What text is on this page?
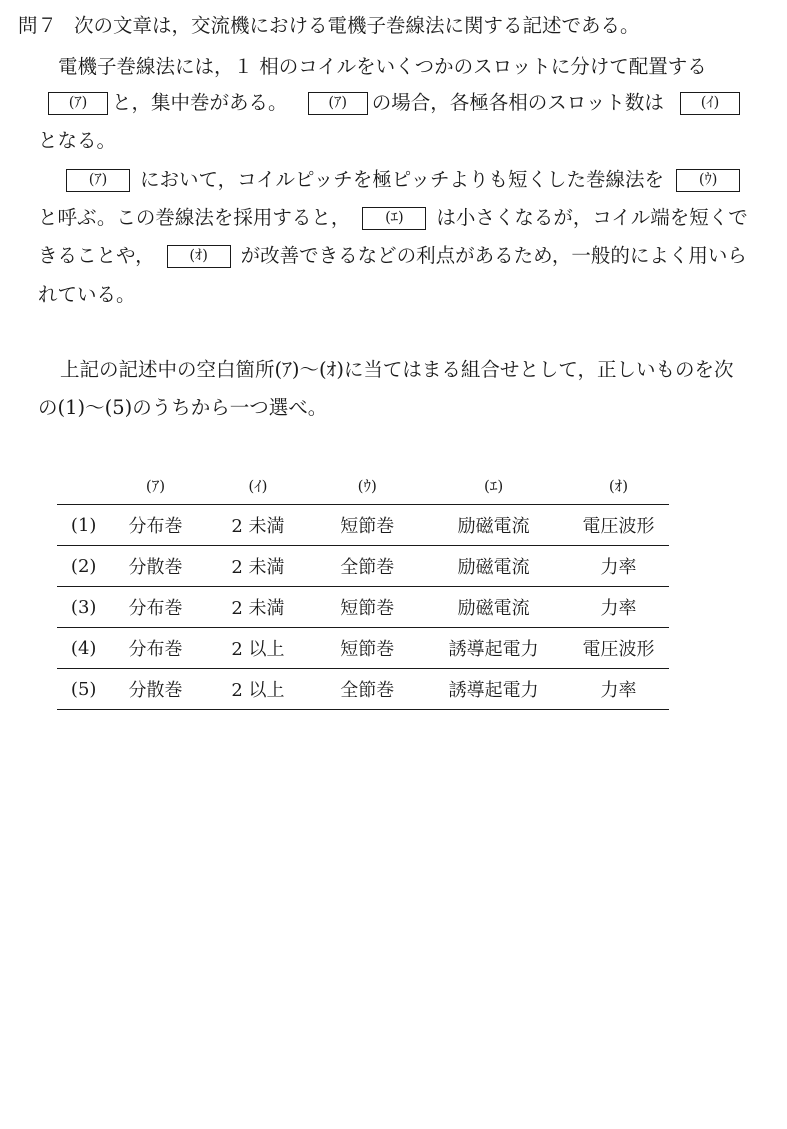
問７ 次の文章は，交流機における電機子巻線法に関する記述である。
電機子巻線法には，１ 相のコイルをいくつかのスロットに分けて配置する
(ｱ) と，集中巻がある。	(ｱ) の場合，各極各相のスロット数は	(ｲ)
となる。
(ｱ) において，コイルピッチを極ピッチよりも短くした巻線法を (ｳ)
と呼ぶ。この巻線法を採用すると， (ｴ) は小さくなるが，コイル端を短くで
きることや， (ｵ) が改善できるなどの利点があるため，一般的によく用いら
れている。
上記の記述中の空白箇所(ｱ)～(ｵ)に当てはまる組合せとして，正しいものを次
の(1)～(5)のうちから一つ選べ。
	(ｱ)	(ｲ)	(ｳ)	(ｴ)	(ｵ)
(1)	分布巻	2 未満	短節巻	励磁電流	電圧波形
(2)	分散巻	2 未満	全節巻	励磁電流	力率
(3)	分布巻	2 未満	短節巻	励磁電流	力率
(4)	分布巻	2 以上	短節巻	誘導起電力	電圧波形
(5)	分散巻	2 以上	全節巻	誘導起電力	力率
